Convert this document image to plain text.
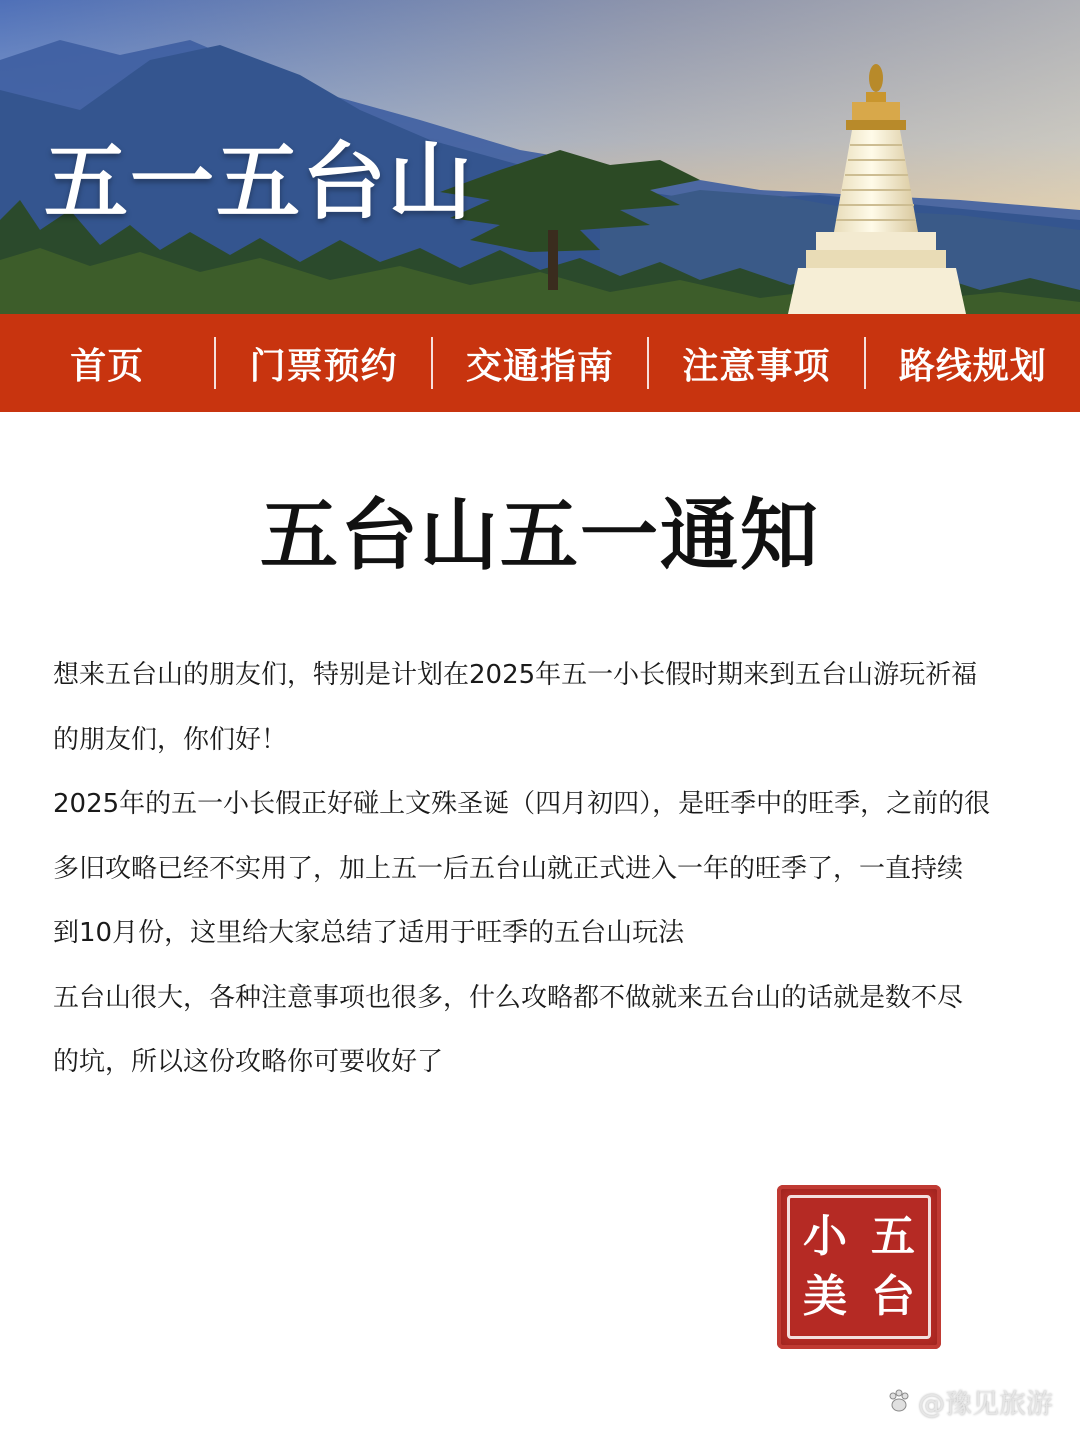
五一五台山
首页	门票预约	交通指南	注意事项	路线规划
五台山五一通知

想来五台山的朋友们，特别是计划在2025年五一小长假时期来到五台山游玩祈福
的朋友们，你们好！

2025年的五一小长假正好碰上文殊圣诞（四月初四），是旺季中的旺季，之前的很
多旧攻略已经不实用了，加上五一后五台山就正式进入一年的旺季了，一直持续
到10月份，这里给大家总结了适用于旺季的五台山玩法

五台山很大，各种注意事项也很多，什么攻略都不做就来五台山的话就是数不尽
的坑，所以这份攻略你可要收好了

五
小
台
美
@豫见旅游
